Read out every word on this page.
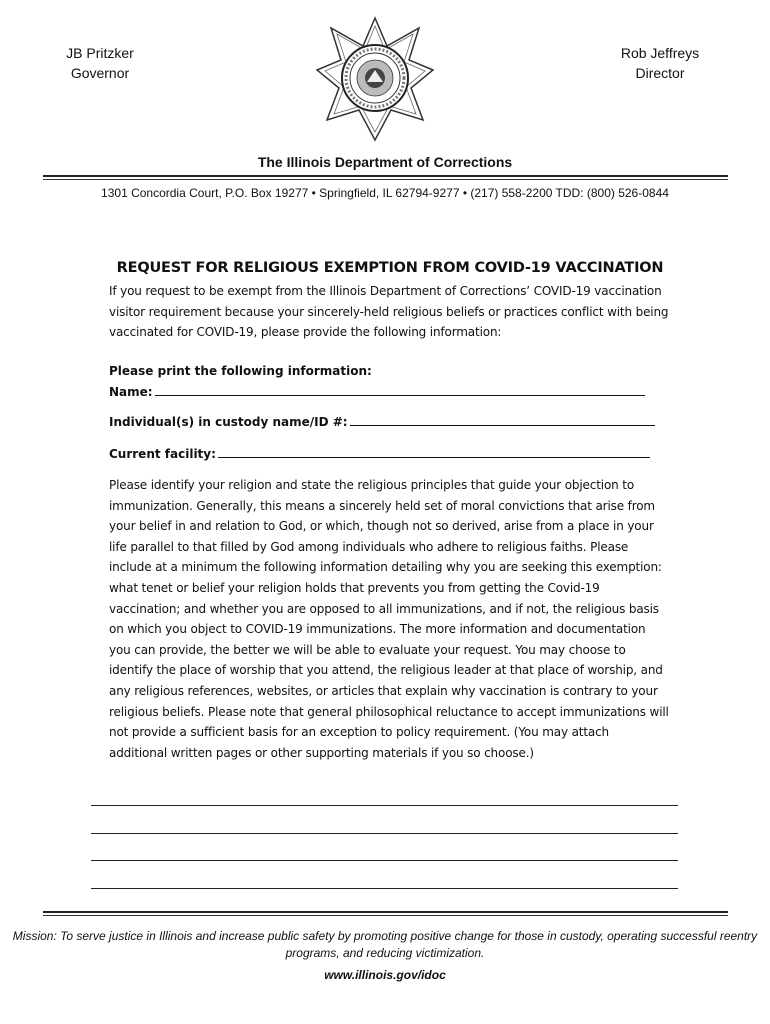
JB Pritzker
Governor
Rob Jeffreys
Director
The Illinois Department of Corrections
1301 Concordia Court, P.O. Box 19277 • Springfield, IL 62794-9277 • (217) 558-2200 TDD: (800) 526-0844
REQUEST FOR RELIGIOUS EXEMPTION FROM COVID-19 VACCINATION
If you request to be exempt from the Illinois Department of Corrections’ COVID-19 vaccination visitor requirement because your sincerely-held religious beliefs or practices conflict with being vaccinated for COVID-19, please provide the following information:
Please print the following information:
Name:
Individual(s) in custody name/ID #:
Current facility:
Please identify your religion and state the religious principles that guide your objection to immunization. Generally, this means a sincerely held set of moral convictions that arise from your belief in and relation to God, or which, though not so derived, arise from a place in your life parallel to that filled by God among individuals who adhere to religious faiths. Please include at a minimum the following information detailing why you are seeking this exemption: what tenet or belief your religion holds that prevents you from getting the Covid-19 vaccination; and whether you are opposed to all immunizations, and if not, the religious basis on which you object to COVID-19 immunizations. The more information and documentation you can provide, the better we will be able to evaluate your request. You may choose to identify the place of worship that you attend, the religious leader at that place of worship, and any religious references, websites, or articles that explain why vaccination is contrary to your religious beliefs. Please note that general philosophical reluctance to accept immunizations will not provide a sufficient basis for an exception to policy requirement. (You may attach additional written pages or other supporting materials if you so choose.)
Mission: To serve justice in Illinois and increase public safety by promoting positive change for those in custody, operating successful reentry programs, and reducing victimization.
www.illinois.gov/idoc
